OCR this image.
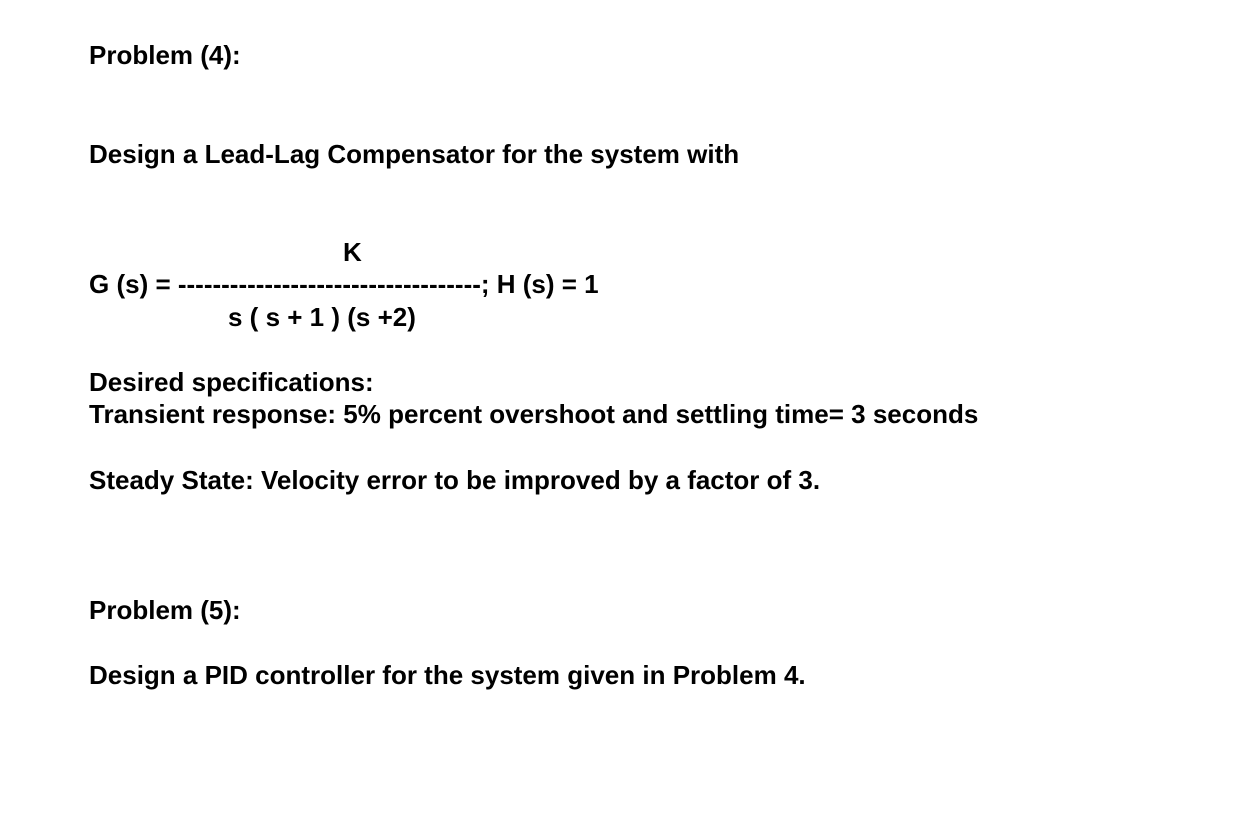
Problem (4):

Design a Lead-Lag Compensator for the system with

K
G (s) = -----------------------------------; H (s) = 1
s ( s + 1 ) (s +2)

Desired specifications:

Transient response: 5% percent overshoot and settling time= 3 seconds

Steady State: Velocity error to be improved by a factor of 3.

Problem (5):

Design a PID controller for the system given in Problem 4.
